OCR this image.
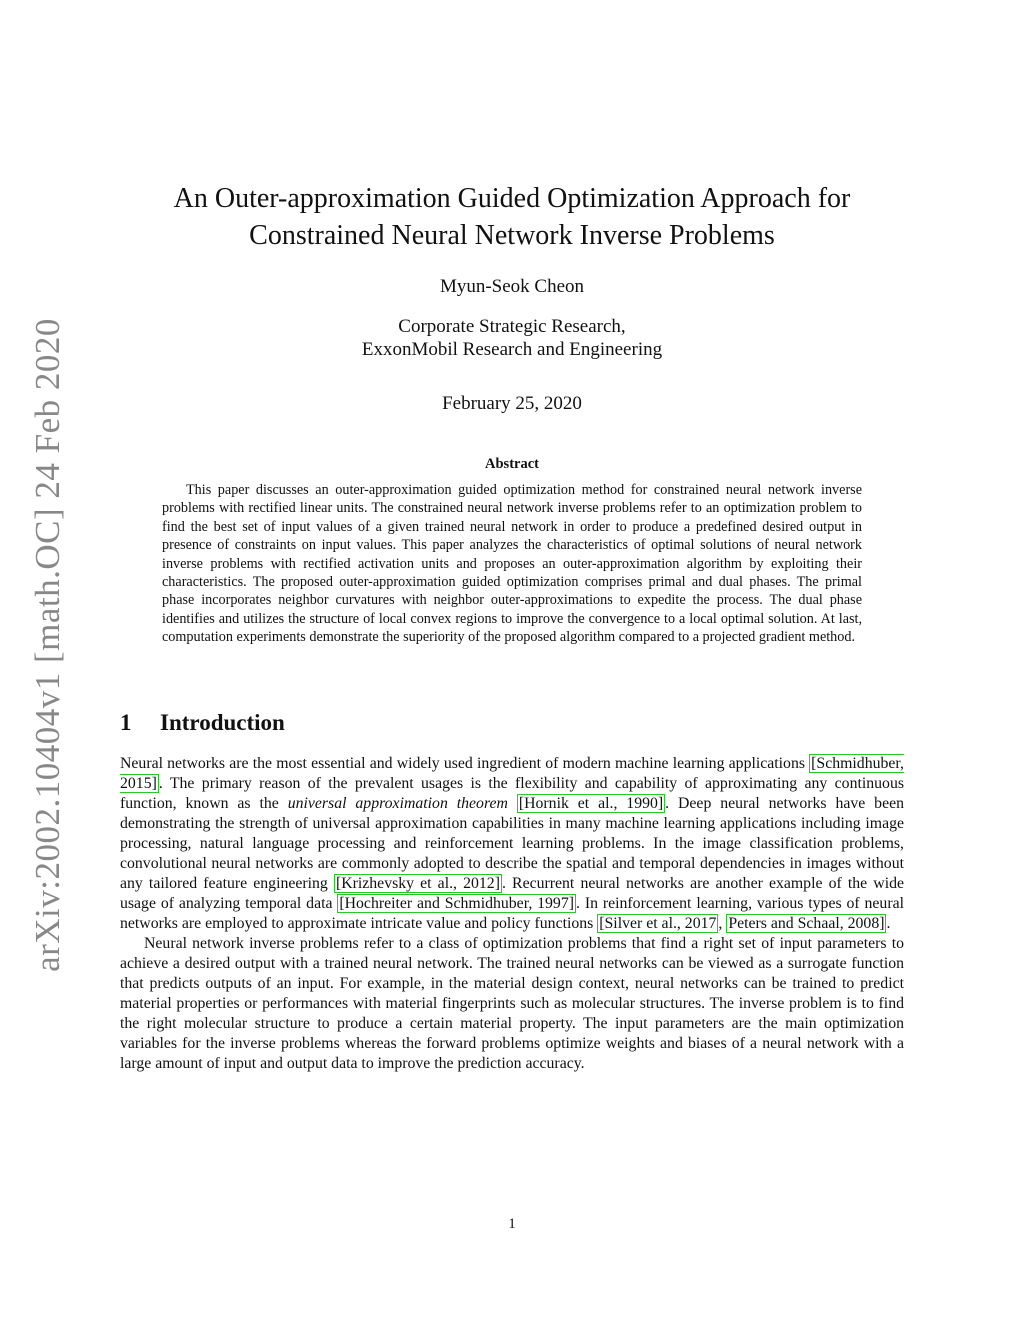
arXiv:2002.10404v1 [math.OC] 24 Feb 2020
An Outer-approximation Guided Optimization Approach for
Constrained Neural Network Inverse Problems
Myun-Seok Cheon
Corporate Strategic Research,
ExxonMobil Research and Engineering
February 25, 2020
Abstract

This paper discusses an outer-approximation guided optimization method for constrained neural network inverse problems with rectified linear units. The constrained neural network inverse problems refer to an optimization problem to find the best set of input values of a given trained neural network in order to produce a predefined desired output in presence of constraints on input values. This paper analyzes the characteristics of optimal solutions of neural network inverse problems with rectified activation units and proposes an outer-approximation algorithm by exploiting their characteristics. The proposed outer-approximation guided optimization comprises primal and dual phases. The primal phase incorporates neighbor curvatures with neighbor outer-approximations to expedite the process. The dual phase identifies and utilizes the structure of local convex regions to improve the convergence to a local optimal solution. At last, computation experiments demonstrate the superiority of the proposed algorithm compared to a projected gradient method.

1 Introduction

Neural networks are the most essential and widely used ingredient of modern machine learning applications [Schmidhuber, 2015] . The primary reason of the prevalent usages is the flexibility and capability of approximating any continuous function, known as the universal approximation theorem [Hornik et al., 1990] . Deep neural networks have been demonstrating the strength of universal approximation capabilities in many machine learning applications including image processing, natural language processing and reinforcement learning problems. In the image classification problems, convolutional neural networks are commonly adopted to describe the spatial and temporal dependencies in images without any tailored feature engineering [Krizhevsky et al., 2012] . Recurrent neural networks are another example of the wide usage of analyzing temporal data [Hochreiter and Schmidhuber, 1997] . In reinforcement learning, various types of neural networks are employed to approximate intricate value and policy functions [Silver et al., 2017 , Peters and Schaal, 2008] .

Neural network inverse problems refer to a class of optimization problems that find a right set of input parameters to achieve a desired output with a trained neural network. The trained neural networks can be viewed as a surrogate function that predicts outputs of an input. For example, in the material design context, neural networks can be trained to predict material properties or performances with material fingerprints such as molecular structures. The inverse problem is to find the right molecular structure to produce a certain material property. The input parameters are the main optimization variables for the inverse problems whereas the forward problems optimize weights and biases of a neural network with a large amount of input and output data to improve the prediction accuracy.

1
